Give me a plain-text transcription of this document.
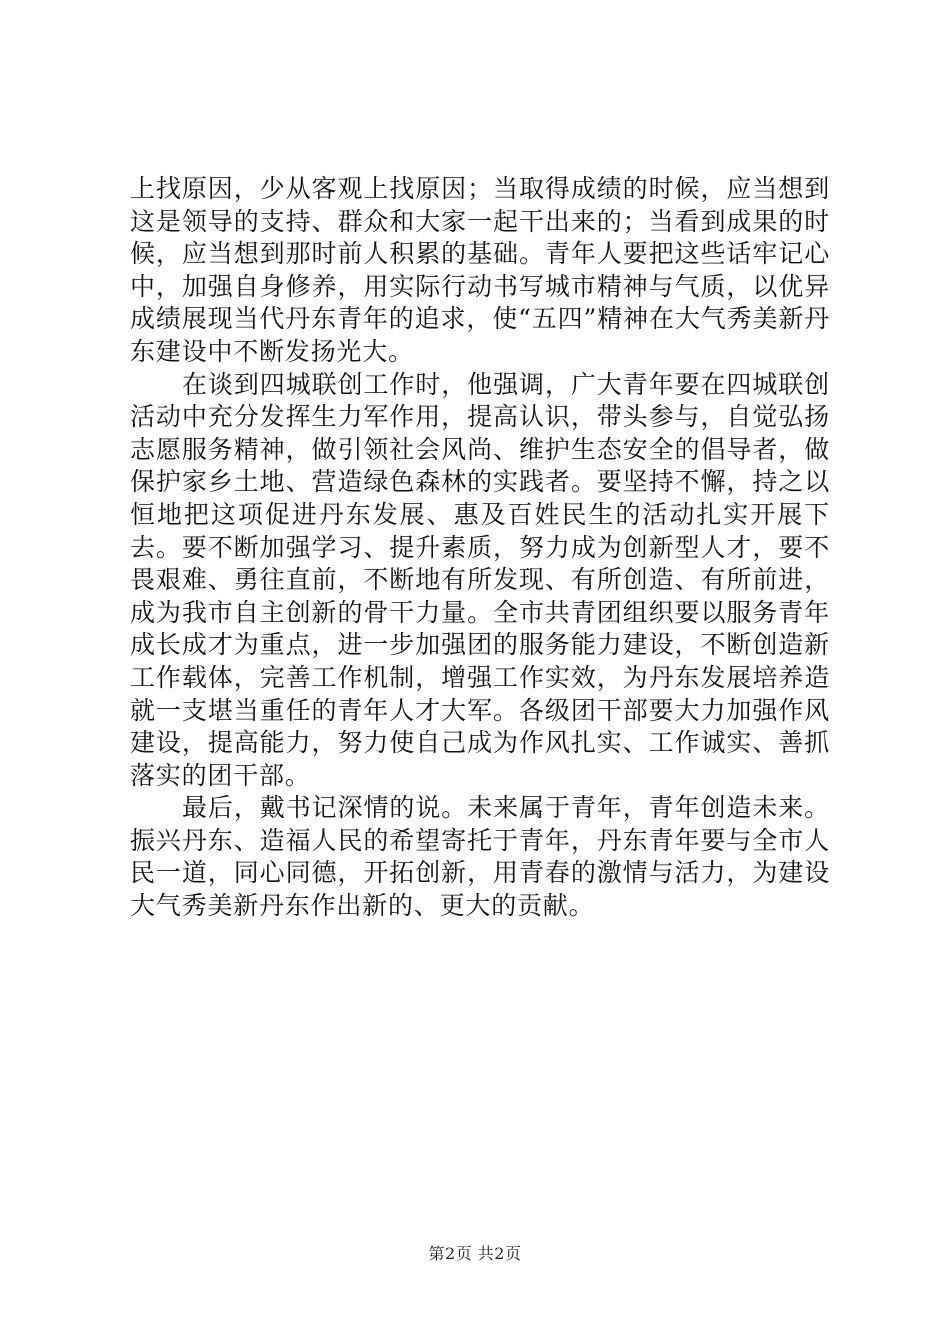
上找原因，少从客观上找原因；当取得成绩的时候，应当想到这是领导的支持、群众和大家一起干出来的；当看到成果的时候，应当想到那时前人积累的基础。青年人要把这些话牢记心中，加强自身修养，用实际行动书写城市精神与气质，以优异成绩展现当代丹东青年的追求，使“五四”精神在大气秀美新丹东建设中不断发扬光大。

在谈到四城联创工作时，他强调，广大青年要在四城联创活动中充分发挥生力军作用，提高认识，带头参与，自觉弘扬志愿服务精神，做引领社会风尚、维护生态安全的倡导者，做保护家乡土地、营造绿色森林的实践者。要坚持不懈，持之以恒地把这项促进丹东发展、惠及百姓民生的活动扎实开展下去。要不断加强学习、提升素质，努力成为创新型人才，要不畏艰难、勇往直前，不断地有所发现、有所创造、有所前进，成为我市自主创新的骨干力量。全市共青团组织要以服务青年成长成才为重点，进一步加强团的服务能力建设，不断创造新工作载体，完善工作机制，增强工作实效，为丹东发展培养造就一支堪当重任的青年人才大军。各级团干部要大力加强作风建设，提高能力，努力使自己成为作风扎实、工作诚实、善抓落实的团干部。

最后，戴书记深情的说。未来属于青年，青年创造未来。振兴丹东、造福人民的希望寄托于青年，丹东青年要与全市人民一道，同心同德，开拓创新，用青春的激情与活力，为建设大气秀美新丹东作出新的、更大的贡献。

第2页 共2页
